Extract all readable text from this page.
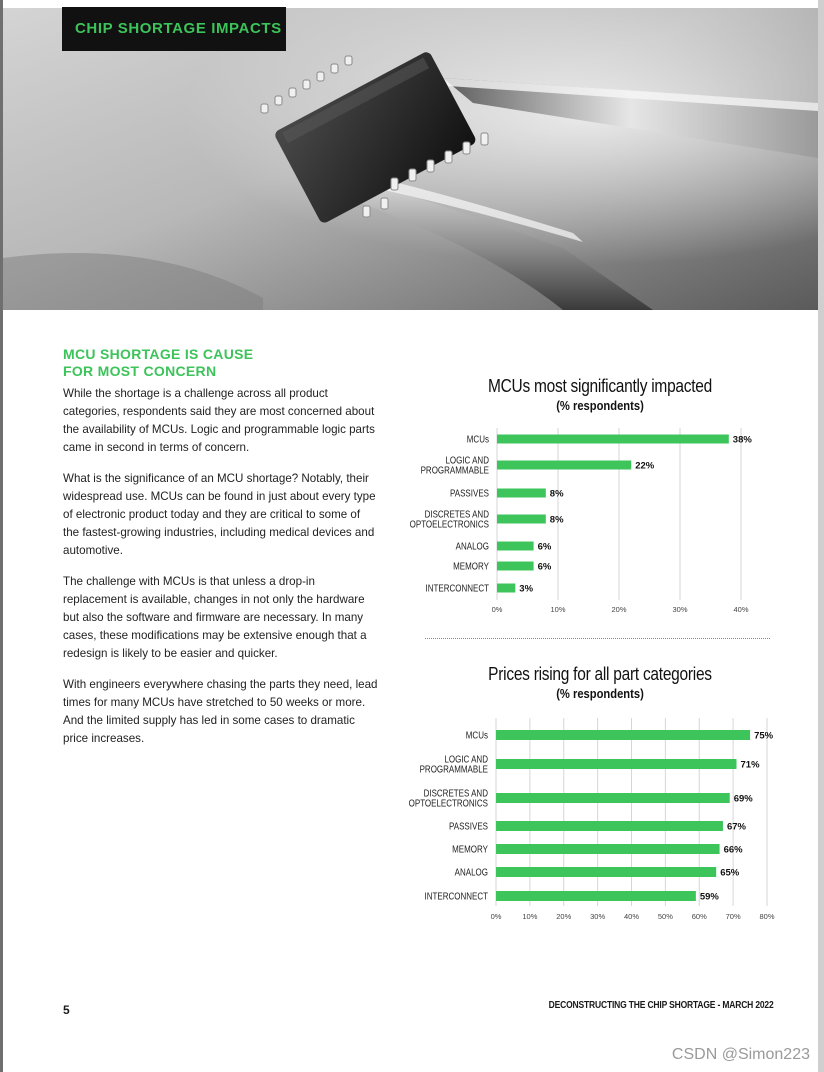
CHIP SHORTAGE IMPACTS
MCU SHORTAGE IS CAUSE
FOR MOST CONCERN

While the shortage is a challenge across all product categories, respondents said they are most concerned about the availability of MCUs. Logic and programmable logic parts came in second in terms of concern.

What is the significance of an MCU shortage? Notably, their widespread use. MCUs can be found in just about every type of electronic product today and they are critical to some of the fastest-growing industries, including medical devices and automotive.

The challenge with MCUs is that unless a drop-in replacement is available, changes in not only the hardware but also the software and firmware are necessary. In many cases, these modifications may be extensive enough that a redesign is likely to be easier and quicker.

With engineers everywhere chasing the parts they need, lead times for many MCUs have stretched to 50 weeks or more. And the limited supply has led in some cases to dramatic price increases.

MCUs most significantly impacted
(% respondents)
0%	10%	20%	30%	40%
MCUs	38%
LOGIC AND
PROGRAMMABLE	22%
PASSIVES	8%
DISCRETES AND
OPTOELECTRONICS	8%
ANALOG	6%
MEMORY	6%
INTERCONNECT	3%
Prices rising for all part categories
(% respondents)
0%	10%	20%	30%	40%	50%	60%	70%	80%
MCUs	75%
LOGIC AND
PROGRAMMABLE	71%
DISCRETES AND
OPTOELECTRONICS	69%
PASSIVES	67%
MEMORY	66%
ANALOG	65%
INTERCONNECT	59%
5	DECONSTRUCTING THE CHIP SHORTAGE - MARCH 2022
CSDN @Simon223
